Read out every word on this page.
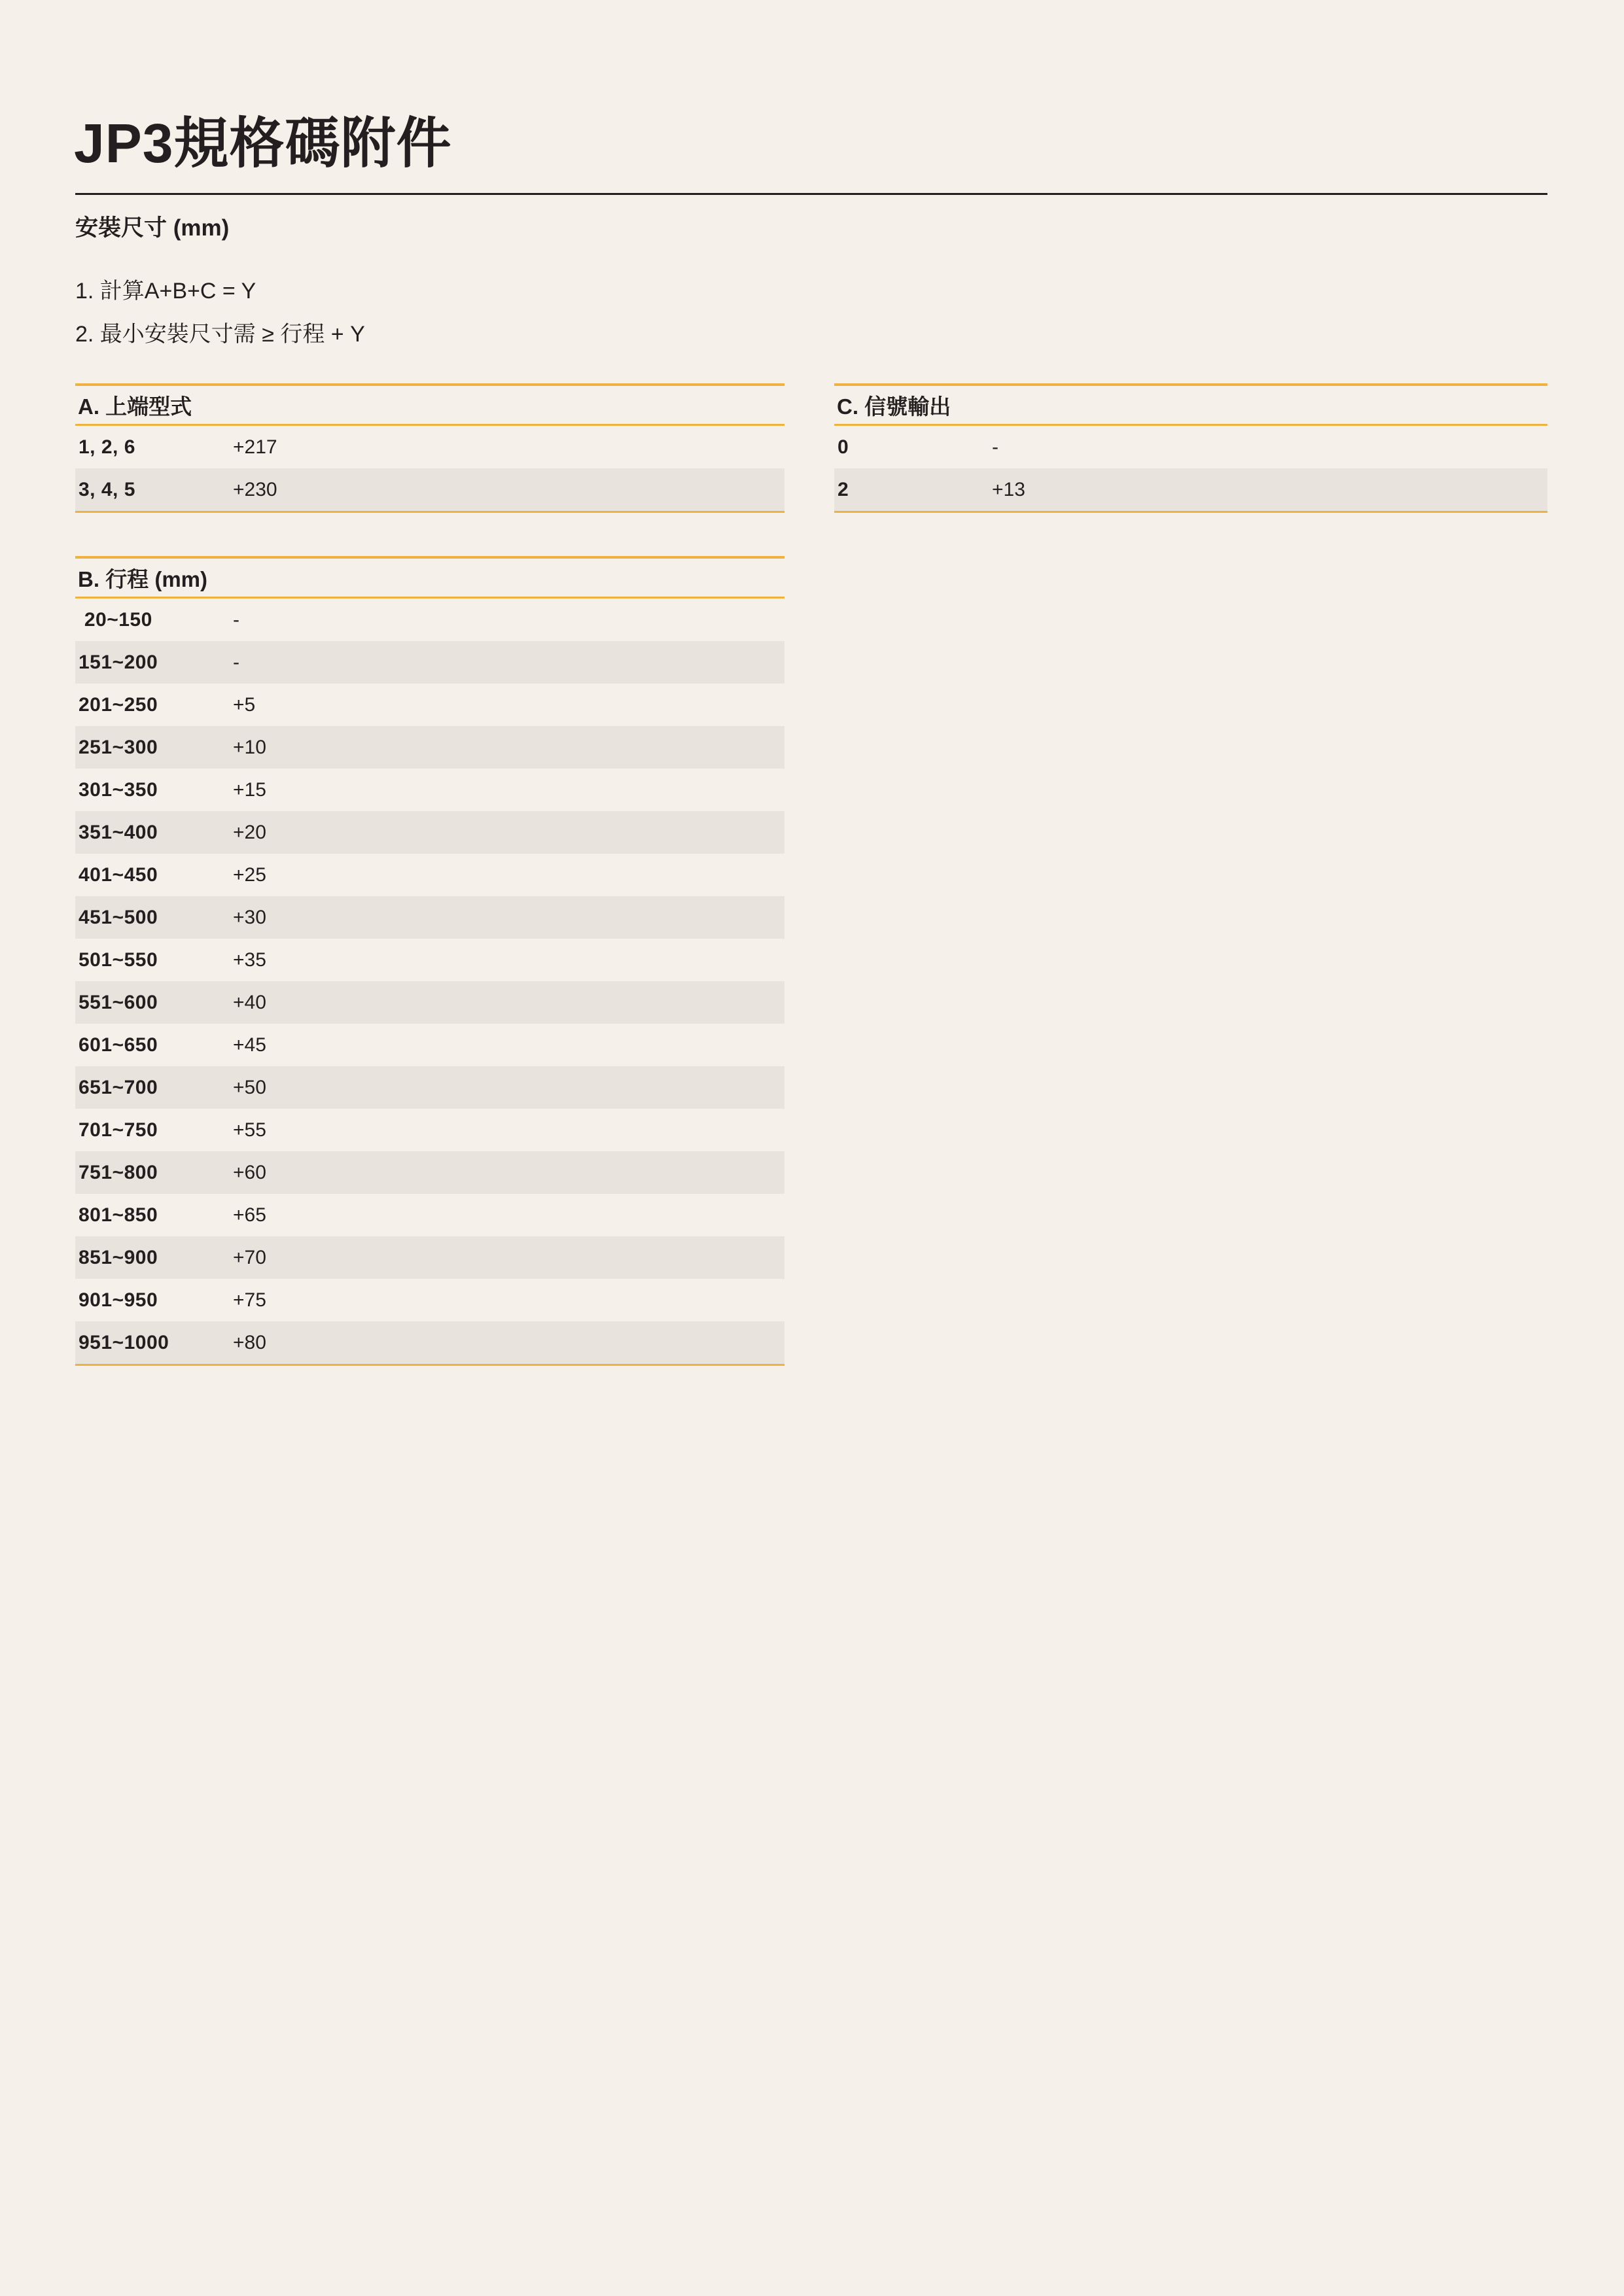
JP3規格碼附件
安裝尺寸 (mm)
1. 計算A+B+C = Y
2. 最小安裝尺寸需 ≥ 行程 + Y
A. 上端型式
1, 2, 6	+217
3, 4, 5	+230
B. 行程 (mm)
20~150	-
151~200	-
201~250	+5
251~300	+10
301~350	+15
351~400	+20
401~450	+25
451~500	+30
501~550	+35
551~600	+40
601~650	+45
651~700	+50
701~750	+55
751~800	+60
801~850	+65
851~900	+70
901~950	+75
951~1000	+80
C. 信號輸出
0	-
2	+13
